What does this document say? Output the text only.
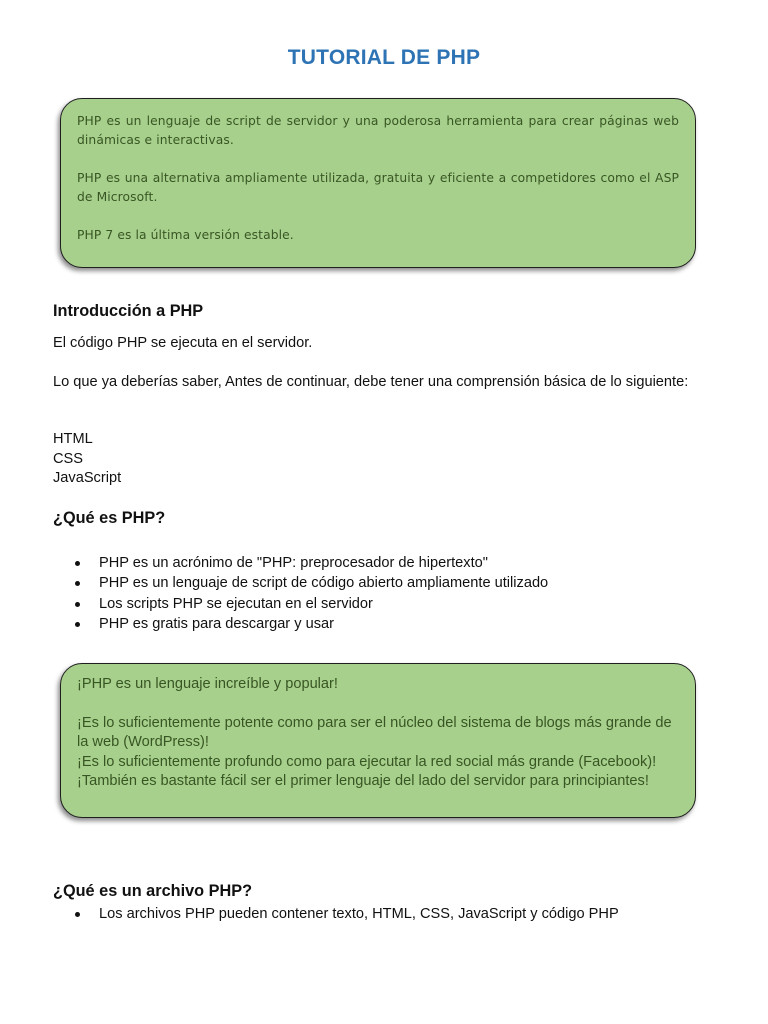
TUTORIAL DE PHP

PHP es un lenguaje de script de servidor y una poderosa herramienta para crear páginas web dinámicas e interactivas.

PHP es una alternativa ampliamente utilizada, gratuita y eficiente a competidores como el ASP de Microsoft.

PHP 7 es la última versión estable.

Introducción a PHP
El código PHP se ejecuta en el servidor.
Lo que ya deberías saber, Antes de continuar, debe tener una comprensión básica de lo siguiente:
HTML
CSS
JavaScript
¿Qué es PHP?
PHP es un acrónimo de "PHP: preprocesador de hipertexto"
PHP es un lenguaje de script de código abierto ampliamente utilizado
Los scripts PHP se ejecutan en el servidor
PHP es gratis para descargar y usar

¡PHP es un lenguaje increíble y popular!

¡Es lo suficientemente potente como para ser el núcleo del sistema de blogs más grande de la web (WordPress)!

¡Es lo suficientemente profundo como para ejecutar la red social más grande (Facebook)!

¡También es bastante fácil ser el primer lenguaje del lado del servidor para principiantes!

¿Qué es un archivo PHP?
Los archivos PHP pueden contener texto, HTML, CSS, JavaScript y código PHP
